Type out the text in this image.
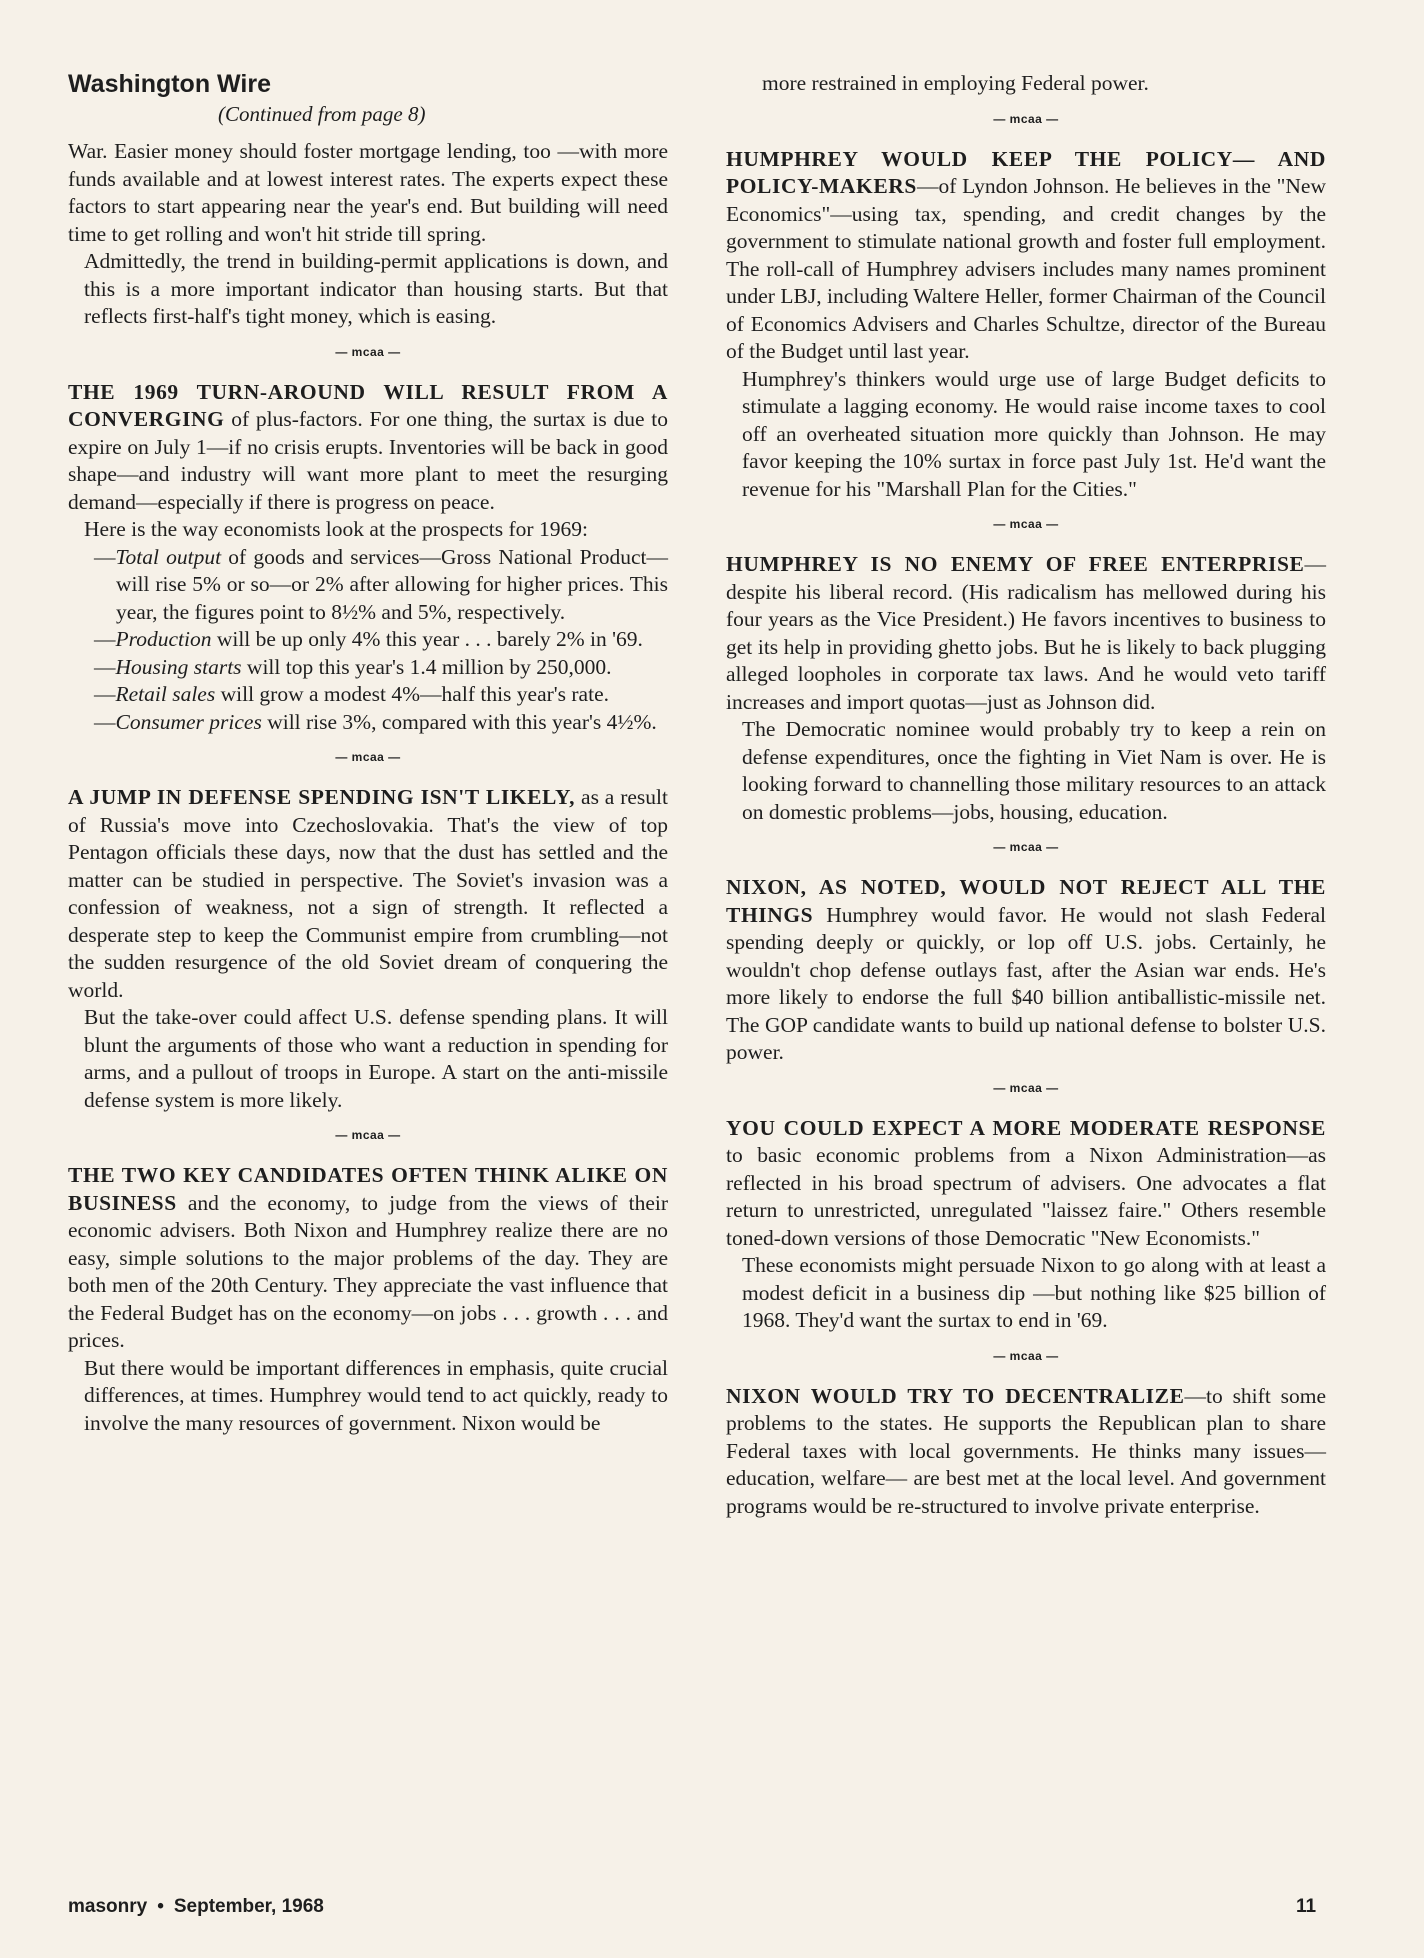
Washington Wire
(Continued from page 8)

War. Easier money should foster mortgage lending, too —with more funds available and at lowest interest rates. The experts expect these factors to start appearing near the year's end. But building will need time to get rolling and won't hit stride till spring.

Admittedly, the trend in building-permit applications is down, and this is a more important indicator than housing starts. But that reflects first-half's tight money, which is easing.

— mcaa —

THE 1969 TURN-AROUND WILL RESULT FROM A CONVERGING of plus-factors. For one thing, the surtax is due to expire on July 1—if no crisis erupts. Inventories will be back in good shape—and industry will want more plant to meet the resurging demand—especially if there is progress on peace.

Here is the way economists look at the prospects for 1969:

—Total output of goods and services—Gross National Product—will rise 5% or so—or 2% after allowing for higher prices. This year, the figures point to 8½% and 5%, respectively.

—Production will be up only 4% this year . . . barely 2% in '69.

—Housing starts will top this year's 1.4 million by 250,000.

—Retail sales will grow a modest 4%—half this year's rate.

—Consumer prices will rise 3%, compared with this year's 4½%.

— mcaa —

A JUMP IN DEFENSE SPENDING ISN'T LIKELY, as a result of Russia's move into Czechoslovakia. That's the view of top Pentagon officials these days, now that the dust has settled and the matter can be studied in perspective. The Soviet's invasion was a confession of weakness, not a sign of strength. It reflected a desperate step to keep the Communist empire from crumbling—not the sudden resurgence of the old Soviet dream of conquering the world.

But the take-over could affect U.S. defense spending plans. It will blunt the arguments of those who want a reduction in spending for arms, and a pullout of troops in Europe. A start on the anti-missile defense system is more likely.

— mcaa —

THE TWO KEY CANDIDATES OFTEN THINK ALIKE ON BUSINESS and the economy, to judge from the views of their economic advisers. Both Nixon and Humphrey realize there are no easy, simple solutions to the major problems of the day. They are both men of the 20th Century. They appreciate the vast influence that the Federal Budget has on the economy—on jobs . . . growth . . . and prices.

But there would be important differences in emphasis, quite crucial differences, at times. Humphrey would tend to act quickly, ready to involve the many resources of government. Nixon would be

more restrained in employing Federal power.

— mcaa —

HUMPHREY WOULD KEEP THE POLICY— AND POLICY-MAKERS—of Lyndon Johnson. He believes in the "New Economics"—using tax, spending, and credit changes by the government to stimulate national growth and foster full employment. The roll-call of Humphrey advisers includes many names prominent under LBJ, including Waltere Heller, former Chairman of the Council of Economics Advisers and Charles Schultze, director of the Bureau of the Budget until last year.

Humphrey's thinkers would urge use of large Budget deficits to stimulate a lagging economy. He would raise income taxes to cool off an overheated situation more quickly than Johnson. He may favor keeping the 10% surtax in force past July 1st. He'd want the revenue for his "Marshall Plan for the Cities."

— mcaa —

HUMPHREY IS NO ENEMY OF FREE ENTERPRISE—despite his liberal record. (His radicalism has mellowed during his four years as the Vice President.) He favors incentives to business to get its help in providing ghetto jobs. But he is likely to back plugging alleged loopholes in corporate tax laws. And he would veto tariff increases and import quotas—just as Johnson did.

The Democratic nominee would probably try to keep a rein on defense expenditures, once the fighting in Viet Nam is over. He is looking forward to channelling those military resources to an attack on domestic problems—jobs, housing, education.

— mcaa —

NIXON, AS NOTED, WOULD NOT REJECT ALL THE THINGS Humphrey would favor. He would not slash Federal spending deeply or quickly, or lop off U.S. jobs. Certainly, he wouldn't chop defense outlays fast, after the Asian war ends. He's more likely to endorse the full $40 billion antiballistic-missile net. The GOP candidate wants to build up national defense to bolster U.S. power.

— mcaa —

YOU COULD EXPECT A MORE MODERATE RESPONSE to basic economic problems from a Nixon Administration—as reflected in his broad spectrum of advisers. One advocates a flat return to unrestricted, unregulated "laissez faire." Others resemble toned-down versions of those Democratic "New Economists."

These economists might persuade Nixon to go along with at least a modest deficit in a business dip —but nothing like $25 billion of 1968. They'd want the surtax to end in '69.

— mcaa —

NIXON WOULD TRY TO DECENTRALIZE—to shift some problems to the states. He supports the Republican plan to share Federal taxes with local governments. He thinks many issues—education, welfare— are best met at the local level. And government programs would be re-structured to involve private enterprise.

masonry • September, 1968	11
